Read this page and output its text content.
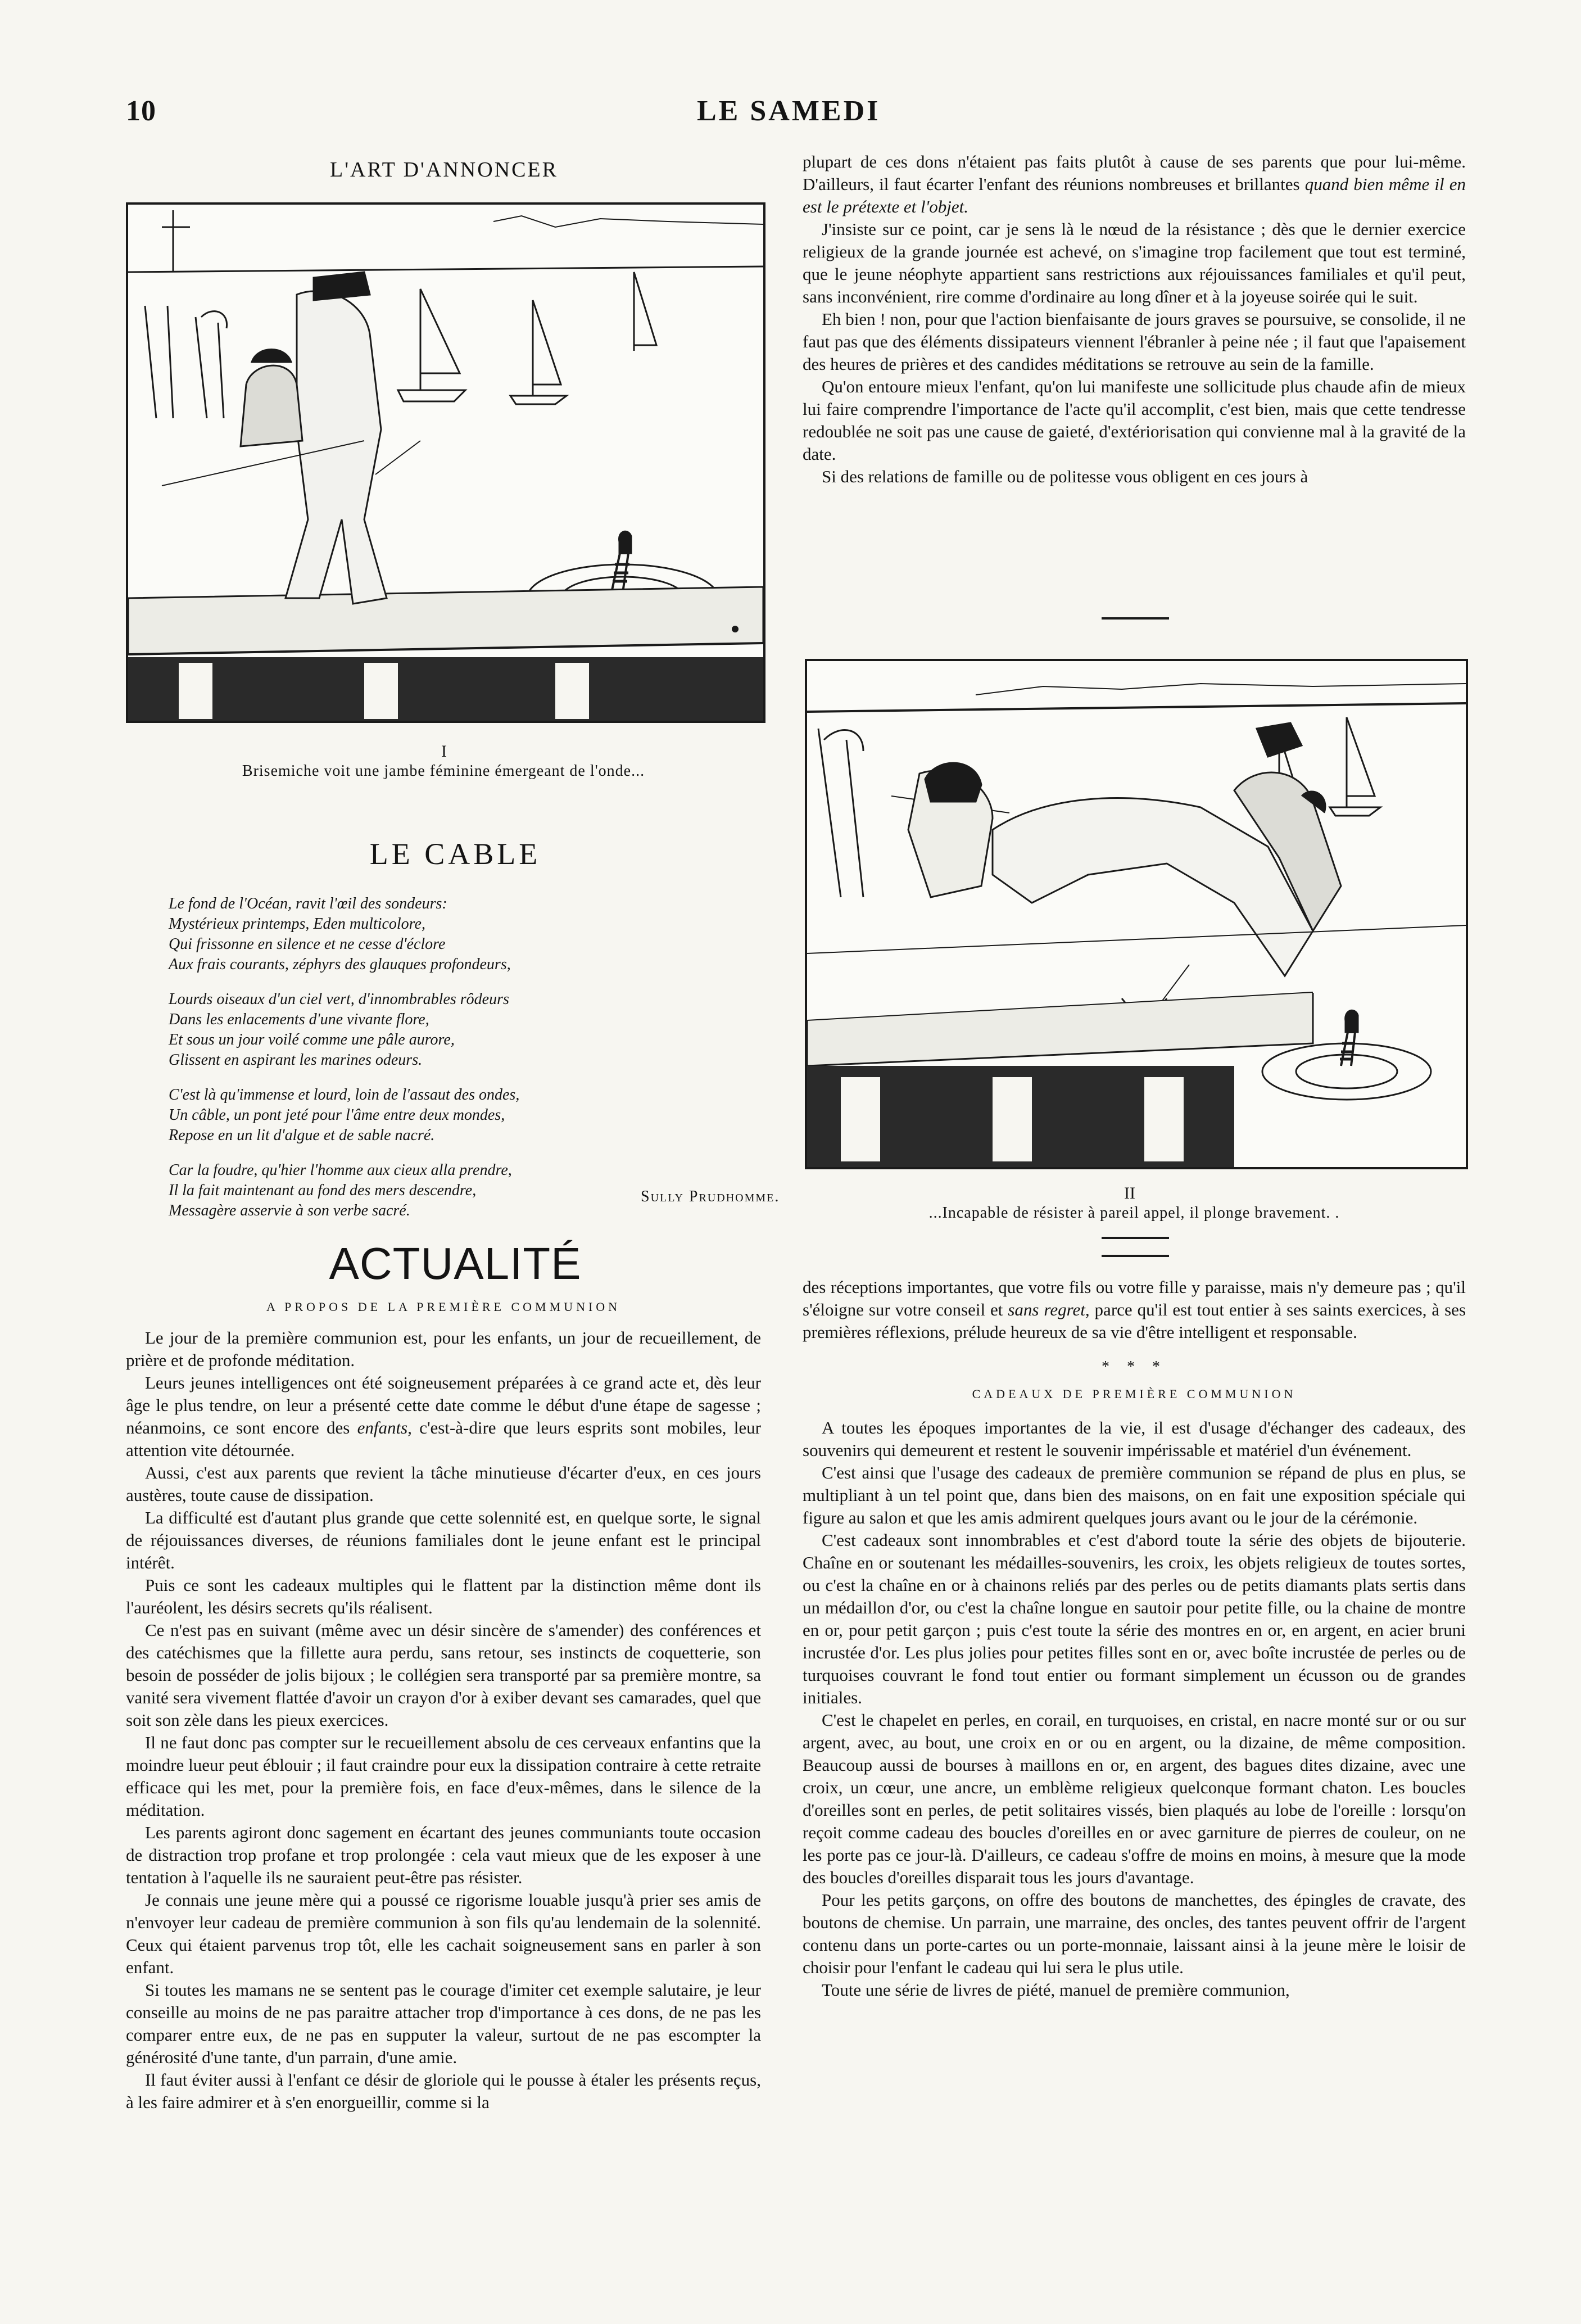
10	LE SAMEDI
L'ART D'ANNONCER
I
Brisemiche voit une jambe féminine émergeant de l'onde...
LE CABLE
Le fond de l'Océan, ravit l'œil des sondeurs:
Mystérieux printemps, Eden multicolore,
Qui frissonne en silence et ne cesse d'éclore
Aux frais courants, zéphyrs des glauques profondeurs,
Lourds oiseaux d'un ciel vert, d'innombrables rôdeurs
Dans les enlacements d'une vivante flore,
Et sous un jour voilé comme une pâle aurore,
Glissent en aspirant les marines odeurs.
C'est là qu'immense et lourd, loin de l'assaut des ondes,
Un câble, un pont jeté pour l'âme entre deux mondes,
Repose en un lit d'algue et de sable nacré.
Car la foudre, qu'hier l'homme aux cieux alla prendre,
Il la fait maintenant au fond des mers descendre,
Messagère asservie à son verbe sacré.
Sully Prudhomme.
ACTUALITÉ
A PROPOS DE LA PREMIÈRE COMMUNION

Le jour de la première communion est, pour les enfants, un jour de recueillement, de prière et de profonde méditation.

Leurs jeunes intelligences ont été soigneusement préparées à ce grand acte et, dès leur âge le plus tendre, on leur a présenté cette date comme le début d'une étape de sagesse ; néanmoins, ce sont encore des enfants, c'est-à-dire que leurs esprits sont mobiles, leur attention vite détournée.

Aussi, c'est aux parents que revient la tâche minutieuse d'écarter d'eux, en ces jours austères, toute cause de dissipation.

La difficulté est d'autant plus grande que cette solennité est, en quelque sorte, le signal de réjouissances diverses, de réunions familiales dont le jeune enfant est le principal intérêt.

Puis ce sont les cadeaux multiples qui le flattent par la distinction même dont ils l'auréolent, les désirs secrets qu'ils réalisent.

Ce n'est pas en suivant (même avec un désir sincère de s'amender) des conférences et des catéchismes que la fillette aura perdu, sans retour, ses instincts de coquetterie, son besoin de posséder de jolis bijoux ; le collégien sera transporté par sa première montre, sa vanité sera vivement flattée d'avoir un crayon d'or à exiber devant ses camarades, quel que soit son zèle dans les pieux exercices.

Il ne faut donc pas compter sur le recueillement absolu de ces cerveaux enfantins que la moindre lueur peut éblouir ; il faut craindre pour eux la dissipation contraire à cette retraite efficace qui les met, pour la première fois, en face d'eux-mêmes, dans le silence de la méditation.

Les parents agiront donc sagement en écartant des jeunes communiants toute occasion de distraction trop profane et trop prolongée : cela vaut mieux que de les exposer à une tentation à l'aquelle ils ne sauraient peut-être pas résister.

Je connais une jeune mère qui a poussé ce rigorisme louable jusqu'à prier ses amis de n'envoyer leur cadeau de première communion à son fils qu'au lendemain de la solennité. Ceux qui étaient parvenus trop tôt, elle les cachait soigneusement sans en parler à son enfant.

Si toutes les mamans ne se sentent pas le courage d'imiter cet exemple salutaire, je leur conseille au moins de ne pas paraitre attacher trop d'importance à ces dons, de ne pas les comparer entre eux, de ne pas en supputer la valeur, surtout de ne pas escompter la générosité d'une tante, d'un parrain, d'une amie.

Il faut éviter aussi à l'enfant ce désir de gloriole qui le pousse à étaler les présents reçus, à les faire admirer et à s'en enorgueillir, comme si la

plupart de ces dons n'étaient pas faits plutôt à cause de ses parents que pour lui-même. D'ailleurs, il faut écarter l'enfant des réunions nombreuses et brillantes quand bien même il en est le prétexte et l'objet.

J'insiste sur ce point, car je sens là le nœud de la résistance ; dès que le dernier exercice religieux de la grande journée est achevé, on s'imagine trop facilement que tout est terminé, que le jeune néophyte appartient sans restrictions aux réjouissances familiales et qu'il peut, sans inconvénient, rire comme d'ordinaire au long dîner et à la joyeuse soirée qui le suit.

Eh bien ! non, pour que l'action bienfaisante de jours graves se poursuive, se consolide, il ne faut pas que des éléments dissipateurs viennent l'ébranler à peine née ; il faut que l'apaisement des heures de prières et des candides méditations se retrouve au sein de la famille.

Qu'on entoure mieux l'enfant, qu'on lui manifeste une sollicitude plus chaude afin de mieux lui faire comprendre l'importance de l'acte qu'il accomplit, c'est bien, mais que cette tendresse redoublée ne soit pas une cause de gaieté, d'extériorisation qui convienne mal à la gravité de la date.

Si des relations de famille ou de politesse vous obligent en ces jours à

II
...Incapable de résister à pareil appel, il plonge bravement. .

des réceptions importantes, que votre fils ou votre fille y paraisse, mais n'y demeure pas ; qu'il s'éloigne sur votre conseil et sans regret, parce qu'il est tout entier à ses saints exercices, à ses premières réflexions, prélude heureux de sa vie d'être intelligent et responsable.

* * *
CADEAUX DE PREMIÈRE COMMUNION

A toutes les époques importantes de la vie, il est d'usage d'échanger des cadeaux, des souvenirs qui demeurent et restent le souvenir impérissable et matériel d'un événement.

C'est ainsi que l'usage des cadeaux de première communion se répand de plus en plus, se multipliant à un tel point que, dans bien des maisons, on en fait une exposition spéciale qui figure au salon et que les amis admirent quelques jours avant ou le jour de la cérémonie.

C'est cadeaux sont innombrables et c'est d'abord toute la série des objets de bijouterie. Chaîne en or soutenant les médailles-souvenirs, les croix, les objets religieux de toutes sortes, ou c'est la chaîne en or à chainons reliés par des perles ou de petits diamants plats sertis dans un médaillon d'or, ou c'est la chaîne longue en sautoir pour petite fille, ou la chaine de montre en or, pour petit garçon ; puis c'est toute la série des montres en or, en argent, en acier bruni incrustée d'or. Les plus jolies pour petites filles sont en or, avec boîte incrustée de perles ou de turquoises couvrant le fond tout entier ou formant simplement un écusson ou de grandes initiales.

C'est le chapelet en perles, en corail, en turquoises, en cristal, en nacre monté sur or ou sur argent, avec, au bout, une croix en or ou en argent, ou la dizaine, de même composition. Beaucoup aussi de bourses à maillons en or, en argent, des bagues dites dizaine, avec une croix, un cœur, une ancre, un emblème religieux quelconque formant chaton. Les boucles d'oreilles sont en perles, de petit solitaires vissés, bien plaqués au lobe de l'oreille : lorsqu'on reçoit comme cadeau des boucles d'oreilles en or avec garniture de pierres de couleur, on ne les porte pas ce jour-là. D'ailleurs, ce cadeau s'offre de moins en moins, à mesure que la mode des boucles d'oreilles disparait tous les jours d'avantage.

Pour les petits garçons, on offre des boutons de manchettes, des épingles de cravate, des boutons de chemise. Un parrain, une marraine, des oncles, des tantes peuvent offrir de l'argent contenu dans un porte-cartes ou un porte-monnaie, laissant ainsi à la jeune mère le loisir de choisir pour l'enfant le cadeau qui lui sera le plus utile.

Toute une série de livres de piété, manuel de première communion,
